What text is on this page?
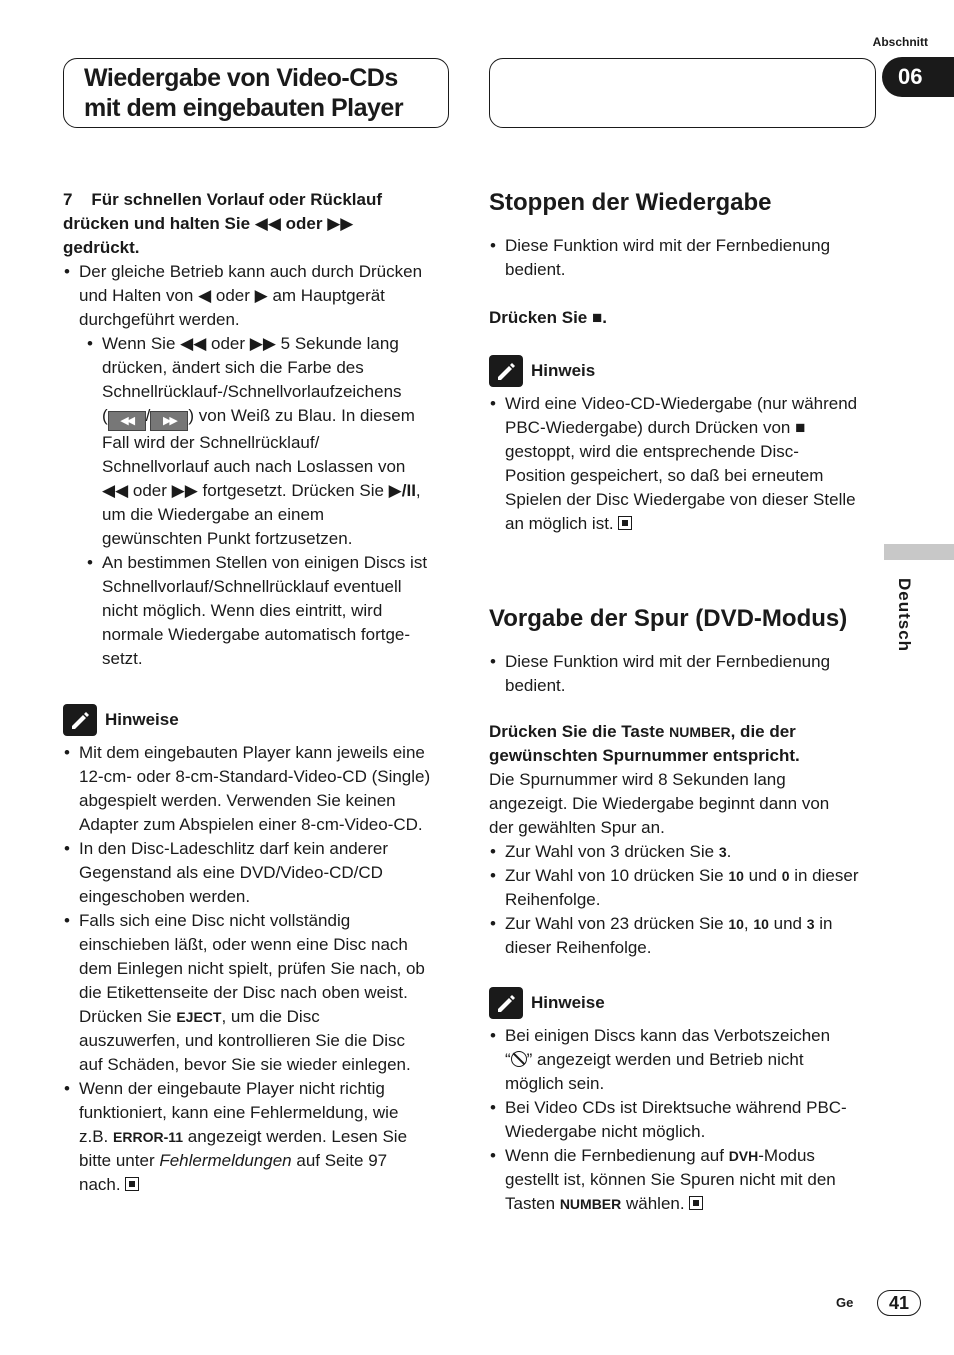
Abschnitt
06
Wiedergabe von Video-CDs
mit dem eingebauten Player
Deutsch

7 Für schnellen Vorlauf oder Rücklauf

drücken und halten Sie ◀◀ oder ▶▶

gedrückt.

• Der gleiche Betrieb kann auch durch Drücken

und Halten von ◀ oder ▶ am Hauptgerät

durchgeführt werden.

• Wenn Sie ◀◀ oder ▶▶ 5 Sekunde lang

drücken, ändert sich die Farbe des

Schnellrücklauf-/Schnellvorlaufzeichens

( ◀◀ / ▶▶ ) von Weiß zu Blau. In diesem

Fall wird der Schnellrücklauf/

Schnellvorlauf auch nach Loslassen von

◀◀ oder ▶▶ fortgesetzt. Drücken Sie ▶/II,

um die Wiedergabe an einem

gewünschten Punkt fortzusetzen.

• An bestimmen Stellen von einigen Discs ist

Schnellvorlauf/Schnellrücklauf eventuell

nicht möglich. Wenn dies eintritt, wird

normale Wiedergabe automatisch fortge-

setzt.

Hinweise

• Mit dem eingebauten Player kann jeweils eine

12-cm- oder 8-cm-Standard-Video-CD (Single)

abgespielt werden. Verwenden Sie keinen

Adapter zum Abspielen einer 8-cm-Video-CD.

• In den Disc-Ladeschlitz darf kein anderer

Gegenstand als eine DVD/Video-CD/CD

eingeschoben werden.

• Falls sich eine Disc nicht vollständig

einschieben läßt, oder wenn eine Disc nach

dem Einlegen nicht spielt, prüfen Sie nach, ob

die Etikettenseite der Disc nach oben weist.

Drücken Sie EJECT, um die Disc

auszuwerfen, und kontrollieren Sie die Disc

auf Schäden, bevor Sie sie wieder einlegen.

• Wenn der eingebaute Player nicht richtig

funktioniert, kann eine Fehlermeldung, wie

z.B. ERROR-11 angezeigt werden. Lesen Sie

bitte unter Fehlermeldungen auf Seite 97

nach.

Stoppen der Wiedergabe

• Diese Funktion wird mit der Fernbedienung

bedient.

Drücken Sie ■.

Hinweis

• Wird eine Video-CD-Wiedergabe (nur während

PBC-Wiedergabe) durch Drücken von ■

gestoppt, wird die entsprechende Disc-

Position gespeichert, so daß bei erneutem

Spielen der Disc Wiedergabe von dieser Stelle

an möglich ist.

Vorgabe der Spur (DVD-Modus)

• Diese Funktion wird mit der Fernbedienung

bedient.

Drücken Sie die Taste NUMBER, die der

gewünschten Spurnummer entspricht.

Die Spurnummer wird 8 Sekunden lang

angezeigt. Die Wiedergabe beginnt dann von

der gewählten Spur an.

• Zur Wahl von 3 drücken Sie 3.

• Zur Wahl von 10 drücken Sie 10 und 0 in dieser

Reihenfolge.

• Zur Wahl von 23 drücken Sie 10, 10 und 3 in

dieser Reihenfolge.

Hinweise

• Bei einigen Discs kann das Verbotszeichen

“ ” angezeigt werden und Betrieb nicht

möglich sein.

• Bei Video CDs ist Direktsuche während PBC-

Wiedergabe nicht möglich.

• Wenn die Fernbedienung auf DVH-Modus

gestellt ist, können Sie Spuren nicht mit den

Tasten NUMBER wählen.

Ge	41
